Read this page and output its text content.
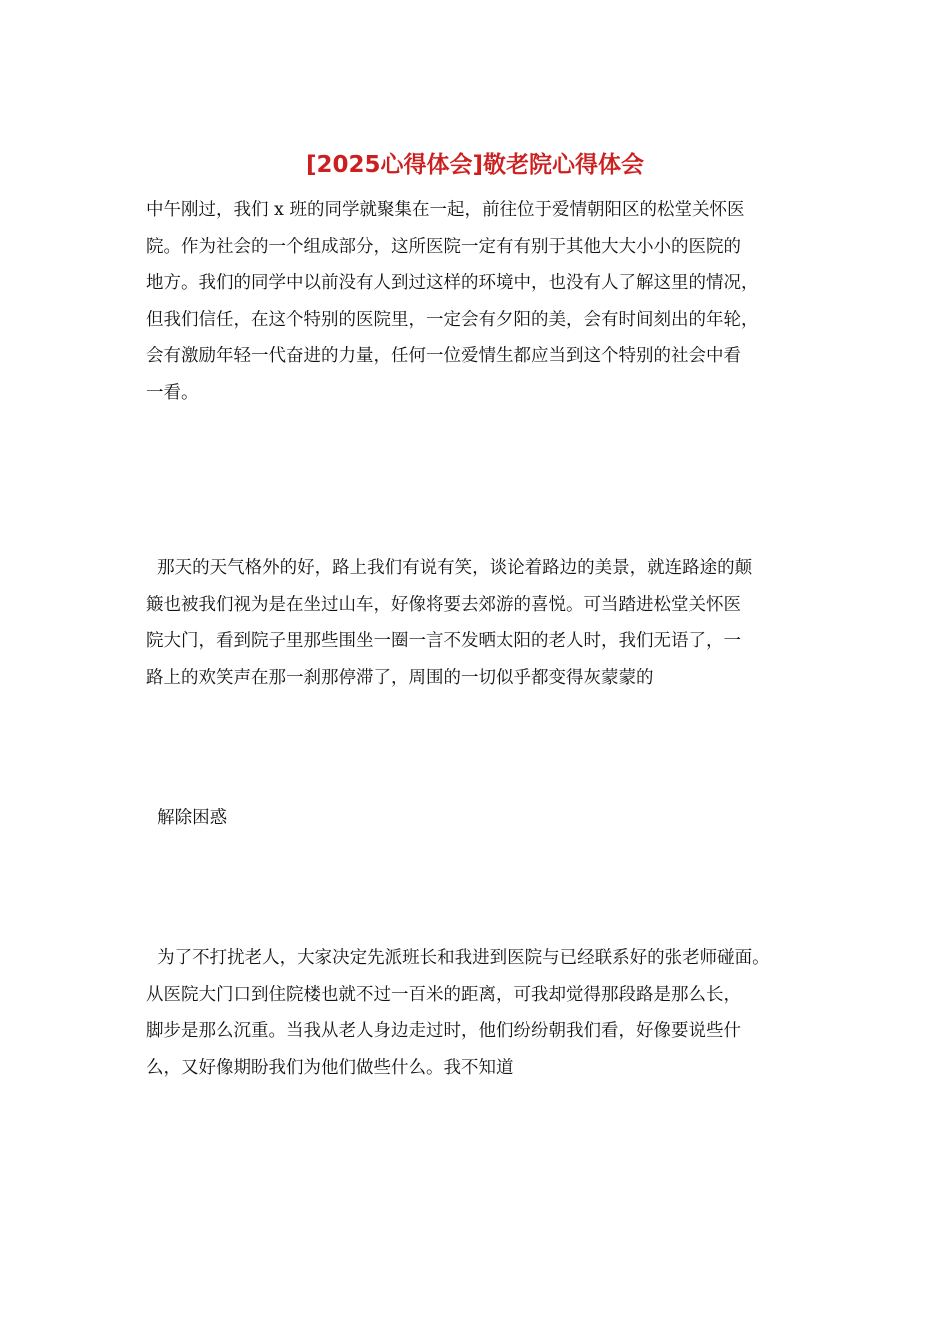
[2025心得体会]敬老院心得体会
中午刚过，我们 x 班的同学就聚集在一起，前往位于爱情朝阳区的松堂关怀医
院。作为社会的一个组成部分，这所医院一定有有别于其他大大小小的医院的
地方。我们的同学中以前没有人到过这样的环境中，也没有人了解这里的情况，
但我们信任，在这个特别的医院里，一定会有夕阳的美，会有时间刻出的年轮，
会有激励年轻一代奋进的力量，任何一位爱情生都应当到这个特别的社会中看
一看。
那天的天气格外的好，路上我们有说有笑，谈论着路边的美景，就连路途的颠
簸也被我们视为是在坐过山车，好像将要去郊游的喜悦。可当踏进松堂关怀医
院大门，看到院子里那些围坐一圈一言不发晒太阳的老人时，我们无语了，一
路上的欢笑声在那一刹那停滞了，周围的一切似乎都变得灰蒙蒙的
解除困惑
为了不打扰老人，大家决定先派班长和我进到医院与已经联系好的张老师碰面。
从医院大门口到住院楼也就不过一百米的距离，可我却觉得那段路是那么长，
脚步是那么沉重。当我从老人身边走过时，他们纷纷朝我们看，好像要说些什
么，又好像期盼我们为他们做些什么。我不知道
